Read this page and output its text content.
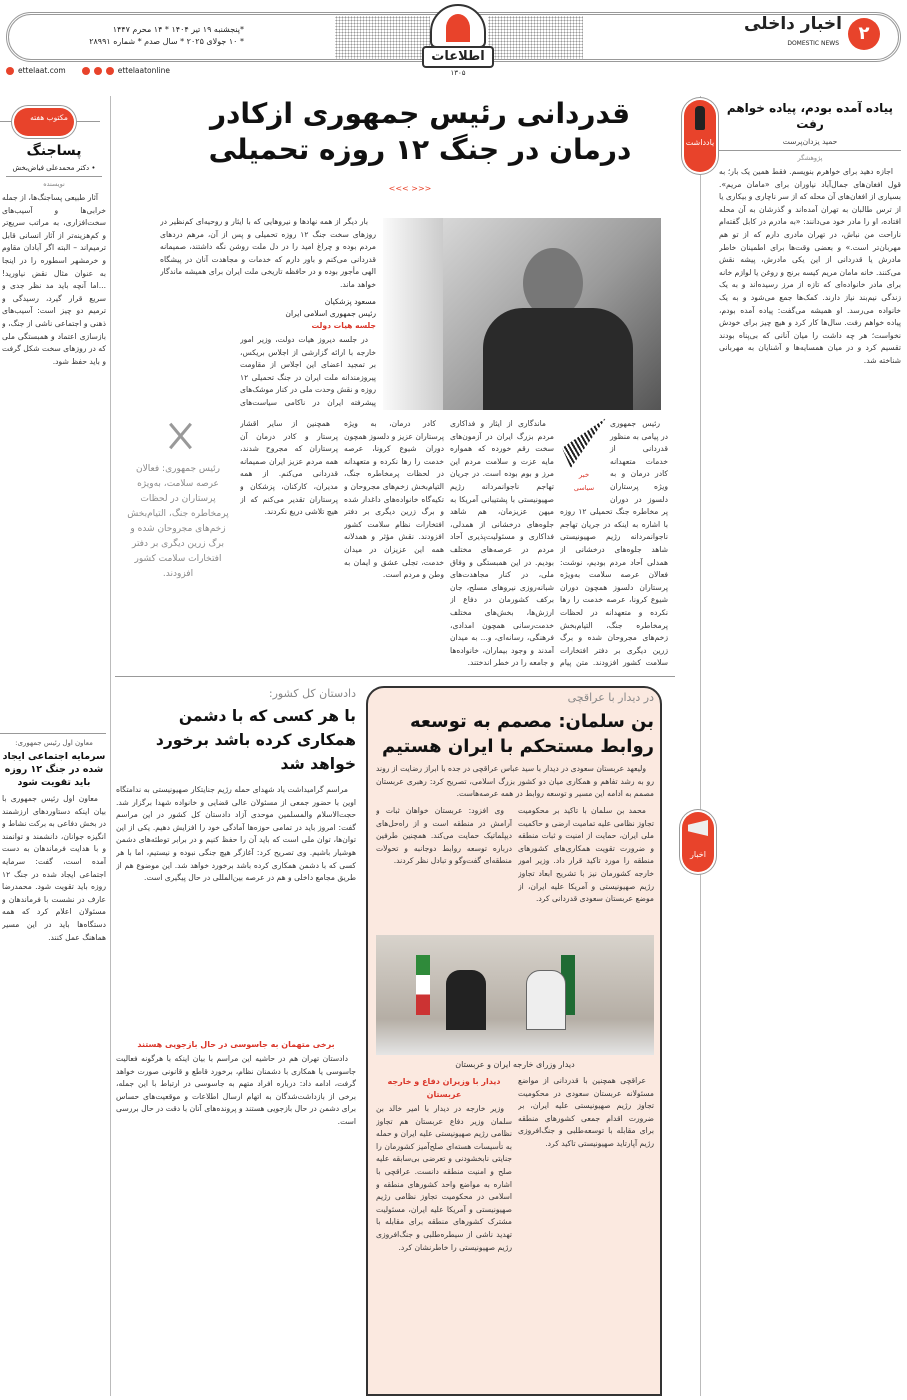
۲
اخبار داخلی
DOMESTIC NEWS
اطلاعات
۱۳۰۵
*پنجشنبه ۱۹ تیر ۱۴۰۴ * ۱۴ محرم ۱۴۴۷
* ۱۰ جولای ۲۰۲۵ * سال صدم * شماره ۲۸۹۹۱
ettelaat.com	ettelaatonline
یادداشت
اخبار
پیاده آمده بودم، پیاده خواهم رفت
حمید یزدان‌پرست
پژوهشگر

اجازه دهید برای خواهرم بنویسم. فقط همین یک بار؛ به قول افغان‌های جمال‌آباد نیاوران برای «مامان مریم». بسیاری از افغان‌های آن محله که از سر ناچاری و بیکاری یا از ترس طالبان به تهران آمده‌اند و گذرشان به آن محله افتاده، او را مادر خود می‌دانند: «به مادرم در کابل گفته‌ام ناراحت من نباش، در تهران مادری دارم که از تو هم مهربان‌تر است.» و بعضی وقت‌ها برای اطمینان خاطر مادرش یا قدردانی از این یکی مادرش، پیشه نقش می‌کنند. خانه مامان مریم کیسه برنج و روغن یا لوازم خانه برای مادر خانواده‌ای که تازه از مرز رسیده‌اند و به یک زندگی نیم‌بند نیاز دارند. کمک‌ها جمع می‌شود و به یک خانواده می‌رسد. او همیشه می‌گفت: پیاده آمده بودم، پیاده خواهم رفت. سال‌ها کار کرد و هیچ چیز برای خودش نخواست؛ هر چه داشت را میان آنانی که بی‌پناه بودند تقسیم کرد و در میان همسایه‌ها و آشنایان به مهربانی شناخته شد.

مکتوب هفته
پساجنگ
• دکتر محمدعلی فیاض‌بخش
نویسنده

آثار طبیعی پساجنگ‌ها، از جمله خرابی‌ها و آسیب‌های سخت‌افزاری، به مراتب سریع‌تر و کم‌هزینه‌تر از آثار انسانی قابل ترمیم‌اند – البته اگر آبادان مقاوم و خرمشهر اسطوره را در اینجا به عنوان مثال نقض نیاورید! ...اما آنچه باید مد نظر جدی و سریع قرار گیرد، رسیدگی و ترمیم دو چیز است: آسیب‌های ذهنی و اجتماعی ناشی از جنگ، و بازسازی اعتماد و همبستگی ملی که در روزهای سخت شکل گرفت و باید حفظ شود.

معاون اول رئیس جمهوری:
سرمایه اجتماعی ایجاد شده در جنگ ۱۲ روزه باید تقویت شود

معاون اول رئیس جمهوری با بیان اینکه دستاوردهای ارزشمند در بخش دفاعی به برکت نشاط و انگیزه جوانان، دانشمند و توانمند و با هدایت فرماندهان به دست آمده است، گفت: سرمایه اجتماعی ایجاد شده در جنگ ۱۲ روزه باید تقویت شود. محمدرضا عارف در نشست با فرماندهان و مسئولان اعلام کرد که همه دستگاه‌ها باید در این مسیر هماهنگ عمل کنند.

قدردانی رئیس جمهوری ازکادر درمان در جنگ ۱۲ روزه تحمیلی
<<< >>>

بار دیگر از همه نهادها و نیروهایی که با ایثار و روحیه‌ای کم‌نظیر در روزهای سخت جنگ ۱۲ روزه تحمیلی و پس از آن، مرهم دردهای مردم بوده و چراغ امید را در دل ملت روشن نگه داشتند، صمیمانه قدردانی می‌کنم و باور دارم که خدمات و مجاهدت آنان در پیشگاه الهی مأجور بوده و در حافظه تاریخی ملت ایران برای همیشه ماندگار خواهد ماند.

مسعود پزشکیان
رئیس جمهوری اسلامی ایران
جلسه هیات دولت

در جلسه دیروز هیات دولت، وزیر امور خارجه با ارائه گزارشی از اجلاس بریکس، بر تمجید اعضای این اجلاس از مقاومت پیروزمندانه ملت ایران در جنگ تحمیلی ۱۲ روزه و نقش وحدت ملی در کنار موشک‌های پیشرفته ایران در ناکامی سیاست‌های

خبر
سیاسی

رئیس جمهوری در پیامی به منظور قدردانی از خدمات متعهدانه کادر درمان و به ویژه پرستاران دلسوز در دوران پر مخاطره جنگ تحمیلی ۱۲ روزه با اشاره به اینکه در جریان تهاجم ناجوانمردانه رژیم صهیونیستی شاهد جلوه‌های درخشانی از همدلی آحاد مردم بودیم، نوشت: فعالان عرصه سلامت به‌ویژه پرستاران دلسوز همچون دوران شیوع کرونا، عرصه خدمت را رها نکرده و متعهدانه در لحظات پرمخاطره جنگ، التیام‌بخش زخم‌های مجروحان شده و برگ زرین دیگری بر دفتر افتخارات سلامت کشور افزودند. متن پیام

ماندگاری از ایثار و فداکاری مردم بزرگ ایران در آزمون‌های سخت رقم خورده که همواره مایه عزت و سلامت مردم این مرز و بوم بوده است. در جریان تهاجم ناجوانمردانه رژیم صهیونیستی با پشتیبانی آمریکا به میهن عزیزمان، هم شاهد جلوه‌های درخشانی از همدلی، فداکاری و مسئولیت‌پذیری آحاد مردم در عرصه‌های مختلف بودیم. در این همبستگی و وفاق ملی، در کنار مجاهدت‌های شبانه‌روزی نیروهای مسلح، جان برکف کشورمان در دفاع از ارزش‌ها، بخش‌های مختلف خدمت‌رسانی همچون امدادی، فرهنگی، رسانه‌ای، و... به میدان آمدند و وجود بیماران، خانواده‌ها و جامعه را در خطر اندختند.

کادر درمان، به ویژه پرستاران عزیز و دلسوز همچون دوران شیوع کرونا، عرصه خدمت را رها نکرده و متعهدانه در لحظات پرمخاطره جنگ، التیام‌بخش زخم‌های مجروحان و تکیه‌گاه خانواده‌های داغدار شده و برگ زرین دیگری بر دفتر افتخارات نظام سلامت کشور افزودند. نقش مؤثر و همدلانه همه این عزیزان در میدان خدمت، تجلی عشق و ایمان به وطن و مردم است.

همچنین از سایر اقشار پرستار و کادر درمان آن پرستاران که مجروح شدند، همه مردم عزیز ایران صمیمانه قدردانی می‌کنم. از همه مدیران، کارکنان، پزشکان و پرستاران تقدیر می‌کنم که از هیچ تلاشی دریغ نکردند.

رئیس جمهوری: فعالان عرصه سلامت، به‌ویژه پرستاران در لحظات پرمخاطره جنگ، التیام‌بخش زخم‌های مجروحان شده و برگ زرین دیگری بر دفتر افتخارات سلامت کشور افزودند.
در دیدار با عراقچی
بن سلمان: مصمم به توسعه روابط مستحکم با ایران هستیم

ولیعهد عربستان سعودی در دیدار با سید عباس عراقچی در جده با ابراز رضایت از روند رو به رشد تفاهم و همکاری میان دو کشور بزرگ اسلامی، تصریح کرد: رهبری عربستان مصمم به ادامه این مسیر و توسعه روابط در همه عرصه‌هاست.

محمد بن سلمان با تاکید بر محکومیت تجاوز نظامی علیه تمامیت ارضی و حاکمیت ملی ایران، حمایت از امنیت و ثبات منطقه و ضرورت تقویت همکاری‌های کشورهای منطقه را مورد تاکید قرار داد. وزیر امور خارجه کشورمان نیز با تشریح ابعاد تجاوز رژیم صهیونیستی و آمریکا علیه ایران، از موضع عربستان سعودی قدردانی کرد.

وی افزود: عربستان خواهان ثبات و آرامش در منطقه است و از راه‌حل‌های دیپلماتیک حمایت می‌کند. همچنین طرفین درباره توسعه روابط دوجانبه و تحولات منطقه‌ای گفت‌وگو و تبادل نظر کردند.

دیدار وزرای خارجه ایران و عربستان

عراقچی همچنین با قدردانی از مواضع مسئولانه عربستان سعودی در محکومیت تجاوز رژیم صهیونیستی علیه ایران، بر ضرورت اقدام جمعی کشورهای منطقه برای مقابله با توسعه‌طلبی و جنگ‌افروزی رژیم آپارتاید صهیونیستی تاکید کرد.

دیدار با وزیران دفاع و خارجه عربستان

وزیر خارجه در دیدار با امیر خالد بن سلمان وزیر دفاع عربستان هم تجاوز نظامی رژیم صهیونیستی علیه ایران و حمله به تأسیسات هسته‌ای صلح‌آمیز کشورمان را جنایتی نابخشودنی و تعرضی بی‌سابقه علیه صلح و امنیت منطقه دانست. عراقچی با اشاره به مواضع واحد کشورهای منطقه و اسلامی در محکومیت تجاوز نظامی رژیم صهیونیستی و آمریکا علیه ایران، مسئولیت مشترک کشورهای منطقه برای مقابله با تهدید ناشی از سیطره‌طلبی و جنگ‌افروزی رژیم صهیونیستی را خاطرنشان کرد.

دادستان کل کشور:
با هر کسی که با دشمن همکاری کرده باشد برخورد خواهد شد

مراسم گرامیداشت یاد شهدای حمله رژیم جنایتکار صهیونیستی به ندامتگاه اوین با حضور جمعی از مسئولان عالی قضایی و خانواده شهدا برگزار شد. حجت‌الاسلام والمسلمین موحدی آزاد دادستان کل کشور در این مراسم گفت: امروز باید در تمامی حوزه‌ها آمادگی خود را افزایش دهیم. یکی از این توان‌ها، توان ملی است که باید آن را حفظ کنیم و در برابر توطئه‌های دشمن هوشیار باشیم. وی تصریح کرد: آغازگر هیچ جنگی نبوده و نیستیم، اما با هر کسی که با دشمن همکاری کرده باشد برخورد خواهد شد. این موضوع هم از طریق مجامع داخلی و هم در عرصه بین‌المللی در حال پیگیری است.

برخی متهمان به جاسوسی در حال بازجویی هستند

دادستان تهران هم در حاشیه این مراسم با بیان اینکه با هرگونه فعالیت جاسوسی یا همکاری با دشمنان نظام، برخورد قاطع و قانونی صورت خواهد گرفت، ادامه داد: درباره افراد متهم به جاسوسی در ارتباط با این جمله، برخی از بازداشت‌شدگان به اتهام ارسال اطلاعات و موقعیت‌های حساس برای دشمن در حال بازجویی هستند و پرونده‌های آنان با دقت در حال بررسی است.
